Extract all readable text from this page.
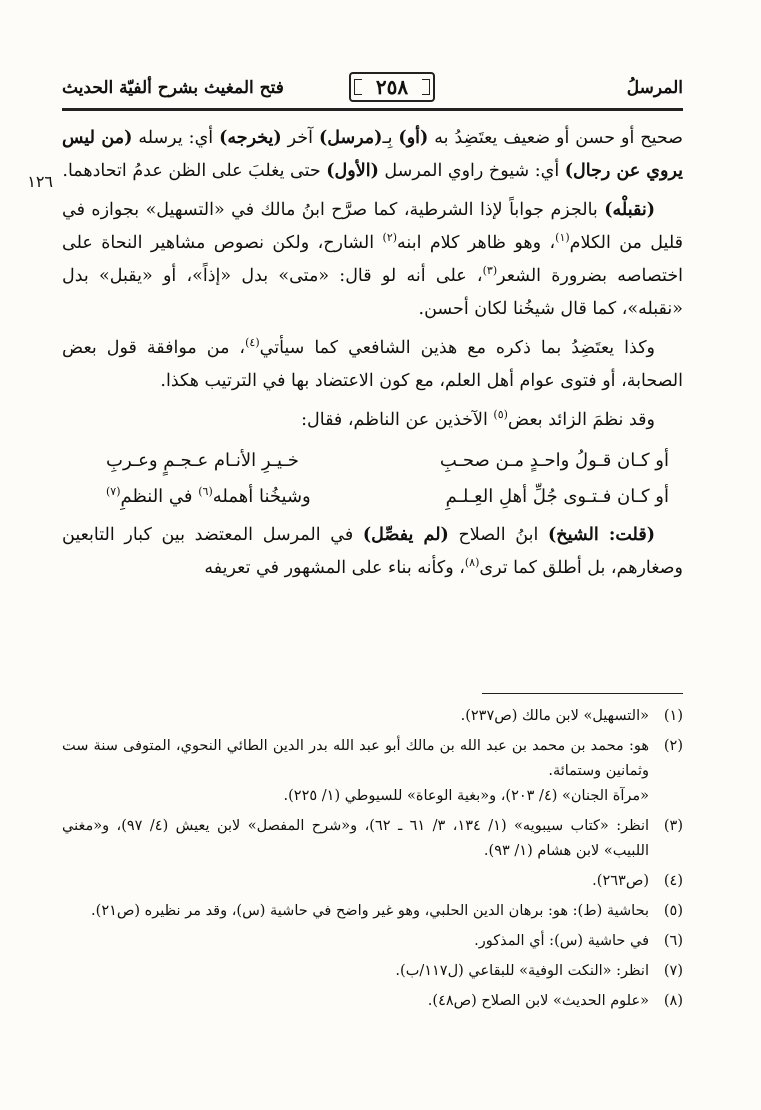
المرسلُ
٢٥٨
فتح المغيث بشرح ألفيّة الحديث
١٢٦

صحيح أو حسن أو ضعيف يعتَضِدُ به (أو) بِـ(مرسل) آخر (يخرجه) أي: يرسله (من ليس يروي عن رجال) أي: شيوخ راوي المرسل (الأول) حتى يغلبَ على الظن عدمُ اتحادهما.

(نقبلْه) بالجزم جواباً لإذا الشرطية، كما صرَّح ابنُ مالك في «التسهيل» بجوازه في قليل من الكلام$^{(١)}$، وهو ظاهر كلام ابنه$^{(٢)}$ الشارح، ولكن نصوص مشاهير النحاة على اختصاصه بضرورة الشعر$^{(٣)}$، على أنه لو قال: «متى» بدل «إذاً»، أو «يقبل» بدل «نقبله»، كما قال شيخُنا لكان أحسن.

وكذا يعتَضِدُ بما ذكره مع هذين الشافعي كما سيأتي$^{(٤)}$، من موافقة قول بعض الصحابة، أو فتوى عوام أهل العلم، مع كون الاعتضاد بها في الترتيب هكذا.

وقد نظمَ الزائد بعض$^{(٥)}$ الآخذين عن الناظم، فقال:

أو كـان قـولُ واحـدٍ مـن صحـبِ
خـيـرِ الأنـام عـجـمٍ وعـربِ
أو كـان فـتـوى جُلِّ أهلِ العِـلـمِ
وشيخُنا أهمله$^{(٦)}$ في النظمِ$^{(٧)}$

(قلت: الشيخ) ابنُ الصلاح (لم يفصِّل) في المرسل المعتضد بين كبار التابعين وصغارهم، بل أطلق كما ترى$^{(٨)}$، وكأنه بناء على المشهور في تعريفه

(١)
«التسهيل» لابن مالك (ص٢٣٧).
(٢)
هو: محمد بن محمد بن عبد الله بن مالك أبو عبد الله بدر الدين الطائي النحوي، المتوفى سنة ست وثمانين وستمائة.
«مرآة الجنان» (٤/ ٢٠٣)، و«بغية الوعاة» للسيوطي (١/ ٢٢٥).
(٣)
انظر: «كتاب سيبويه» (١/ ١٣٤، ٣/ ٦١ ـ ٦٢)، و«شرح المفصل» لابن يعيش (٤/ ٩٧)، و«مغني اللبيب» لابن هشام (١/ ٩٣).
(٤)
(ص٢٦٣).
(٥)
بحاشية (ط): هو: برهان الدين الحلبي، وهو غير واضح في حاشية (س)، وقد مر نظيره (ص٢١).
(٦)
في حاشية (س): أي المذكور.
(٧)
انظر: «النكت الوفية» للبقاعي (ل١١٧/ب).
(٨)
«علوم الحديث» لابن الصلاح (ص٤٨).
